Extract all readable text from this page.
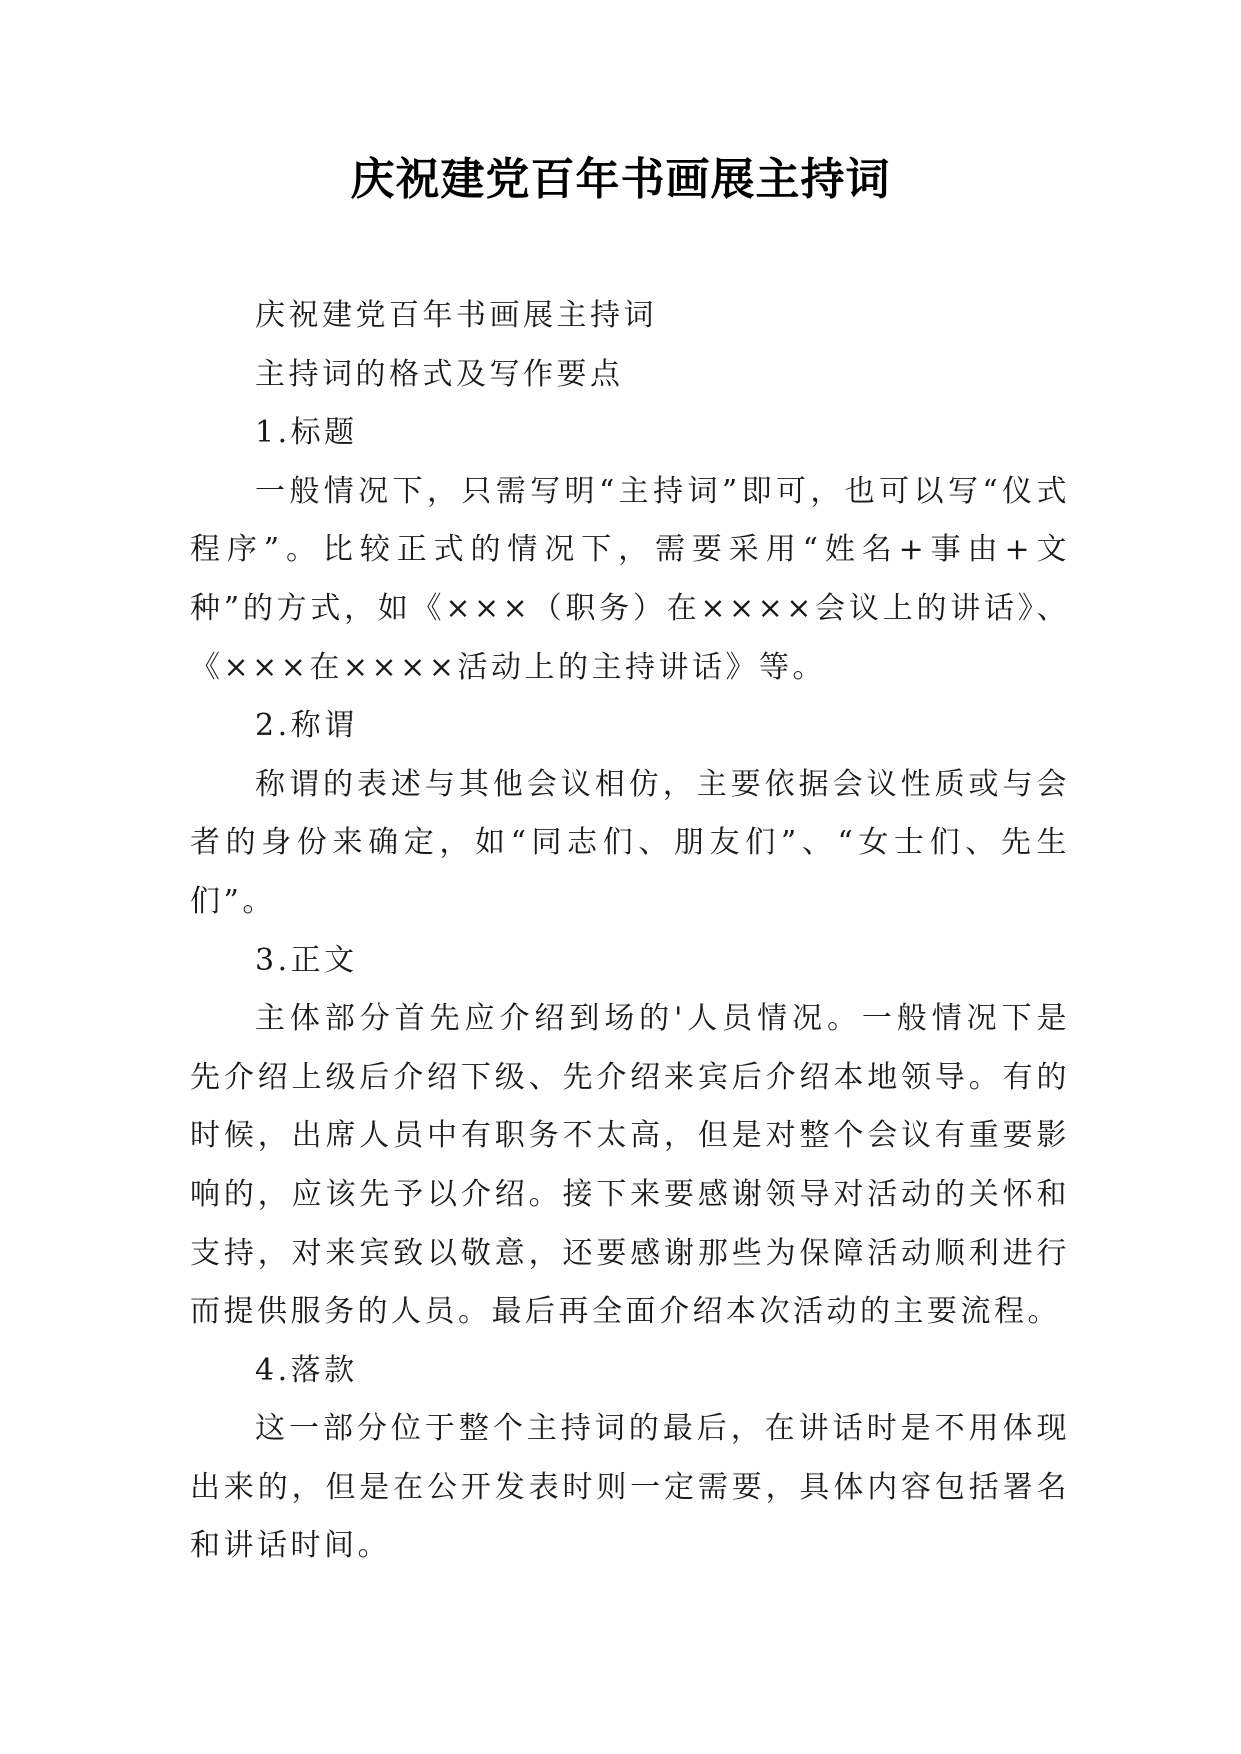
庆祝建党百年书画展主持词

庆祝建党百年书画展主持词

主持词的格式及写作要点

1.标题

一般情况下，只需写明“主持词”即可，也可以写“仪式程序”。比较正式的情况下，需要采用“姓名+事由+文种”的方式，如《×××（职务）在××××会议上的讲话》、《×××在××××活动上的主持讲话》等。

2.称谓

称谓的表述与其他会议相仿，主要依据会议性质或与会者的身份来确定，如“同志们、朋友们”、“女士们、先生们”。

3.正文

主体部分首先应介绍到场的'人员情况。一般情况下是先介绍上级后介绍下级、先介绍来宾后介绍本地领导。有的时候，出席人员中有职务不太高，但是对整个会议有重要影响的，应该先予以介绍。接下来要感谢领导对活动的关怀和支持，对来宾致以敬意，还要感谢那些为保障活动顺利进行而提供服务的人员。最后再全面介绍本次活动的主要流程。

4.落款

这一部分位于整个主持词的最后，在讲话时是不用体现出来的，但是在公开发表时则一定需要，具体内容包括署名和讲话时间。
